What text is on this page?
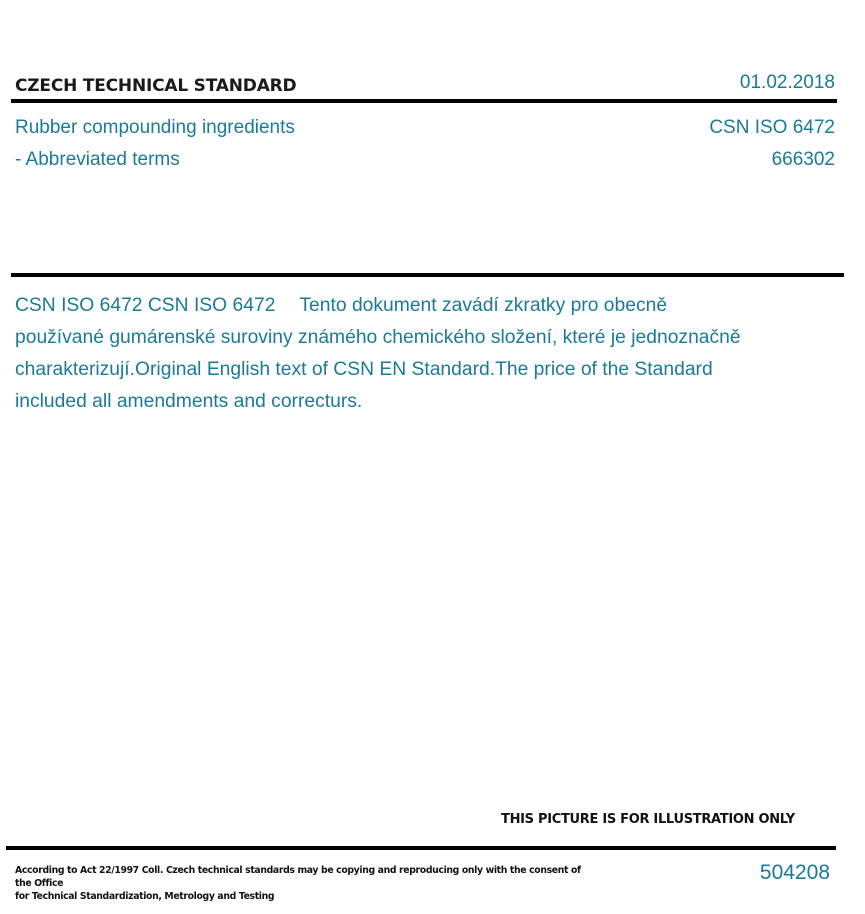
CZECH TECHNICAL STANDARD	01.02.2018
Rubber compounding ingredients
- Abbreviated terms
CSN ISO 6472
666302
CSN ISO 6472 CSN ISO 6472 Tento dokument zavádí zkratky pro obecně používané gumárenské suroviny známého chemického složení, které je jednoznačně charakterizují.Original English text of CSN EN Standard.The price of the Standard included all amendments and correcturs.
THIS PICTURE IS FOR ILLUSTRATION ONLY
According to Act 22/1997 Coll. Czech technical standards may be copying and reproducing only with the consent of the Office
for Technical Standardization, Metrology and Testing
504208
